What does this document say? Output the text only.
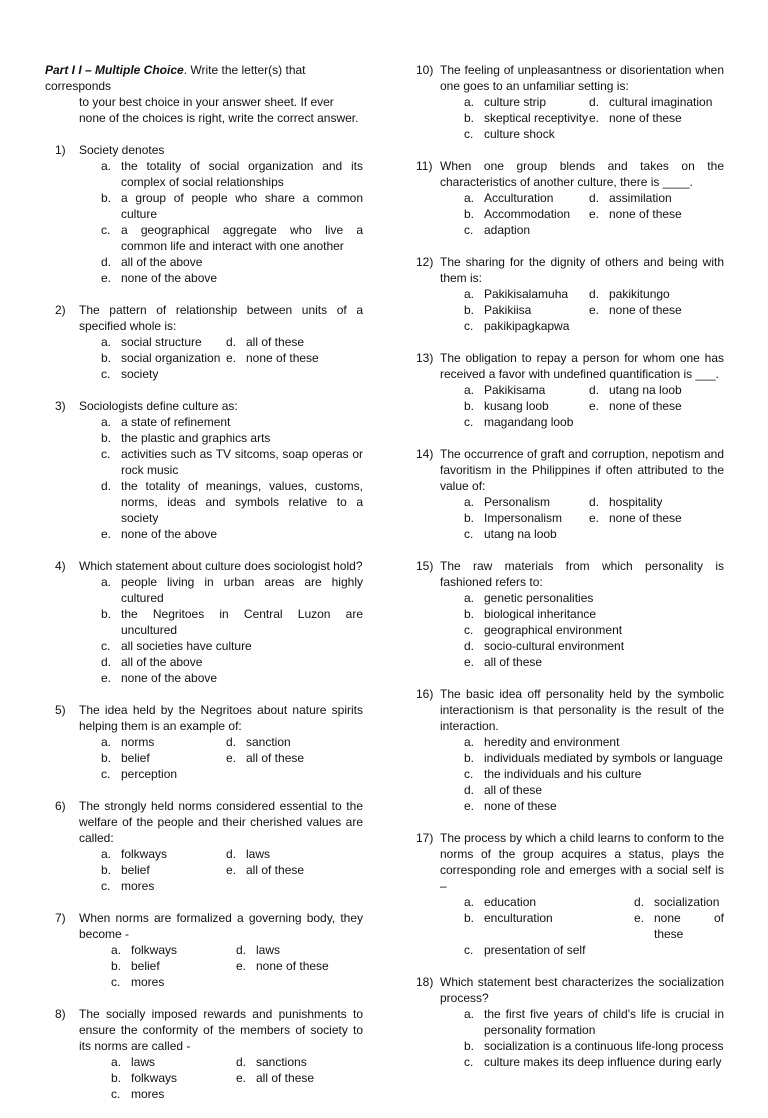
Part I I – Multiple Choice. Write the letter(s) that corresponds
to your best choice in your answer sheet. If ever none of the choices is right, write the correct answer.
1) Society denotes
a. the totality of social organization and its complex of social relationships
b. a group of people who share a common culture
c. a geographical aggregate who live a common life and interact with one another
d. all of the above
e. none of the above
2) The pattern of relationship between units of a specified whole is:
a. social structure	d. all of these
b. social organization e. none of these
c. society
3) Sociologists define culture as:
a. a state of refinement
b. the plastic and graphics arts
c. activities such as TV sitcoms, soap operas or rock music
d. the totality of meanings, values, customs, norms, ideas and symbols relative to a society
e. none of the above
4) Which statement about culture does sociologist hold?
a. people living in urban areas are highly cultured
b. the Negritoes in Central Luzon are uncultured
c. all societies have culture
d. all of the above
e. none of the above
5) The idea held by the Negritoes about nature spirits helping them is an example of:
a. norms	d. sanction
b. belief	e. all of these
c. perception
6) The strongly held norms considered essential to the welfare of the people and their cherished values are called:
a. folkways	d. laws
b. belief	e. all of these
c. mores
7) When norms are formalized a governing body, they become -
a. folkways	d. laws
b. belief	e. none of these
c. mores
8) The socially imposed rewards and punishments to ensure the conformity of the members of society to its norms are called -
a. laws	d. sanctions
b. folkways	e. all of these
c. mores
10) The feeling of unpleasantness or disorientation when one goes to an unfamiliar setting is:
a. culture strip	d. cultural imagination
b. skeptical receptivity e. none of these
c. culture shock
11) When one group blends and takes on the characteristics of another culture, there is ____.
a. Acculturation	d. assimilation
b. Accommodation	e. none of these
c. adaption
12) The sharing for the dignity of others and being with them is:
a. Pakikisalamuha	d. pakikitungo
b. Pakikiisa	e. none of these
c. pakikipagkapwa
13) The obligation to repay a person for whom one has received a favor with undefined quantification is ___.
a. Pakikisama	d. utang na loob
b. kusang loob	e. none of these
c. magandang loob
14) The occurrence of graft and corruption, nepotism and favoritism in the Philippines if often attributed to the value of:
a. Personalism	d. hospitality
b. Impersonalism	e. none of these
c. utang na loob
15) The raw materials from which personality is fashioned refers to:
a. genetic personalities
b. biological inheritance
c. geographical environment
d. socio-cultural environment
e. all of these
16) The basic idea off personality held by the symbolic interactionism is that personality is the result of the interaction.
a. heredity and environment
b. individuals mediated by symbols or language
c. the individuals and his culture
d. all of these
e. none of these
17) The process by which a child learns to conform to the norms of the group acquires a status, plays the corresponding role and emerges with a social self is –
a. education	d. socialization
b. enculturation	e. none of these
c. presentation of self
18) Which statement best characterizes the socialization process?
a. the first five years of child's life is crucial in personality formation
b. socialization is a continuous life-long process
c. culture makes its deep influence during early
